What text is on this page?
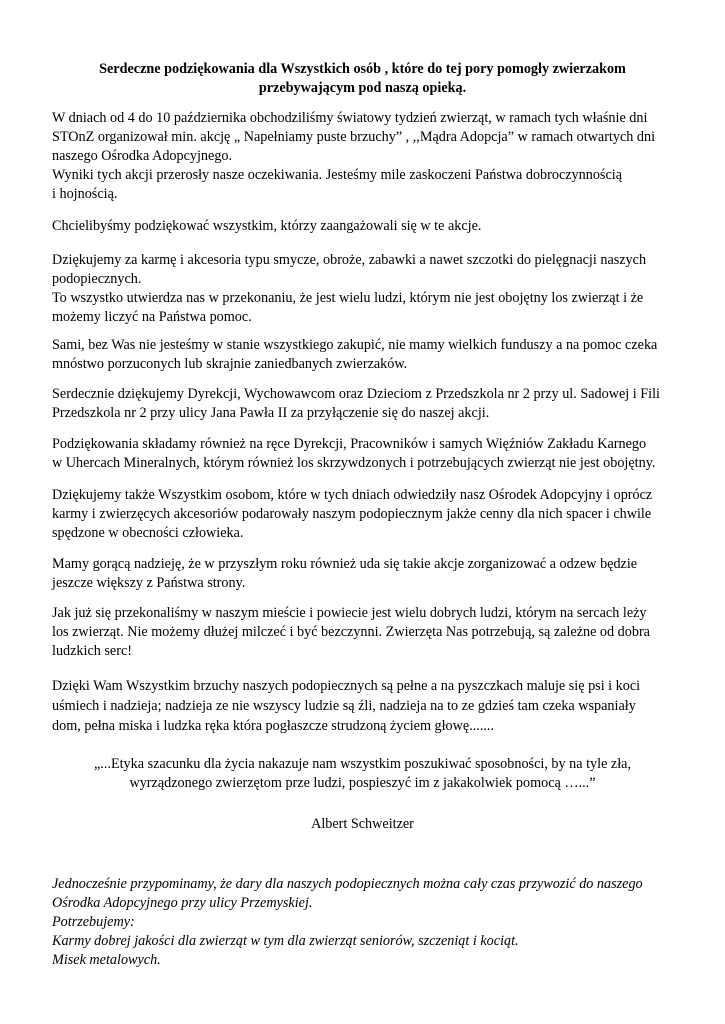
Serdeczne podziękowania dla Wszystkich osób , które do tej pory pomogły zwierzakom
przebywającym pod naszą opieką.
W dniach od 4 do 10 października obchodziliśmy światowy tydzień zwierząt, w ramach tych właśnie dni
STOnZ organizował min. akcję „ Napełniamy puste brzuchy” , ,,Mądra Adopcja” w ramach otwartych dni
naszego Ośrodka Adopcyjnego.
Wyniki tych akcji przerosły nasze oczekiwania. Jesteśmy mile zaskoczeni Państwa dobroczynnością
i hojnością.
Chcielibyśmy podziękować wszystkim, którzy zaangażowali się w te akcje.
Dziękujemy za karmę i akcesoria typu smycze, obroże, zabawki a nawet szczotki do pielęgnacji naszych
podopiecznych.
To wszystko utwierdza nas w przekonaniu, że jest wielu ludzi, którym nie jest obojętny los zwierząt i że
możemy liczyć na Państwa pomoc.
Sami, bez Was nie jesteśmy w stanie wszystkiego zakupić, nie mamy wielkich funduszy a na pomoc czeka
mnóstwo porzuconych lub skrajnie zaniedbanych zwierzaków.
Serdecznie dziękujemy Dyrekcji, Wychowawcom oraz Dzieciom z Przedszkola nr 2 przy ul. Sadowej i Fili
Przedszkola nr 2 przy ulicy Jana Pawła II za przyłączenie się do naszej akcji.
Podziękowania składamy również na ręce Dyrekcji, Pracowników i samych Więźniów Zakładu Karnego
w Uhercach Mineralnych, którym również los skrzywdzonych i potrzebujących zwierząt nie jest obojętny.
Dziękujemy także Wszystkim osobom, które w tych dniach odwiedziły nasz Ośrodek Adopcyjny i oprócz
karmy i zwierzęcych akcesoriów podarowały naszym podopiecznym jakże cenny dla nich spacer i chwile
spędzone w obecności człowieka.
Mamy gorącą nadzieję, że w przyszłym roku również uda się takie akcje zorganizować a odzew będzie
jeszcze większy z Państwa strony.
Jak już się przekonaliśmy w naszym mieście i powiecie jest wielu dobrych ludzi, którym na sercach leży
los zwierząt. Nie możemy dłużej milczeć i być bezczynni. Zwierzęta Nas potrzebują, są zależne od dobra
ludzkich serc!
Dzięki Wam Wszystkim brzuchy naszych podopiecznych są pełne a na pyszczkach maluje się psi i koci
uśmiech i nadzieja; nadzieja ze nie wszyscy ludzie są źli, nadzieja na to ze gdzieś tam czeka wspaniały
dom, pełna miska i ludzka ręka która pogłaszcze strudzoną życiem głowę.......
„...Etyka szacunku dla życia nakazuje nam wszystkim poszukiwać sposobności, by na tyle zła,
wyrządzonego zwierzętom prze ludzi, pospieszyć im z jakakolwiek pomocą …...”
Albert Schweitzer
Jednocześnie przypominamy, że dary dla naszych podopiecznych można cały czas przywozić do naszego
Ośrodka Adopcyjnego przy ulicy Przemyskiej.
Potrzebujemy:
Karmy dobrej jakości dla zwierząt w tym dla zwierząt seniorów, szczeniąt i kociąt.
Misek metalowych.
